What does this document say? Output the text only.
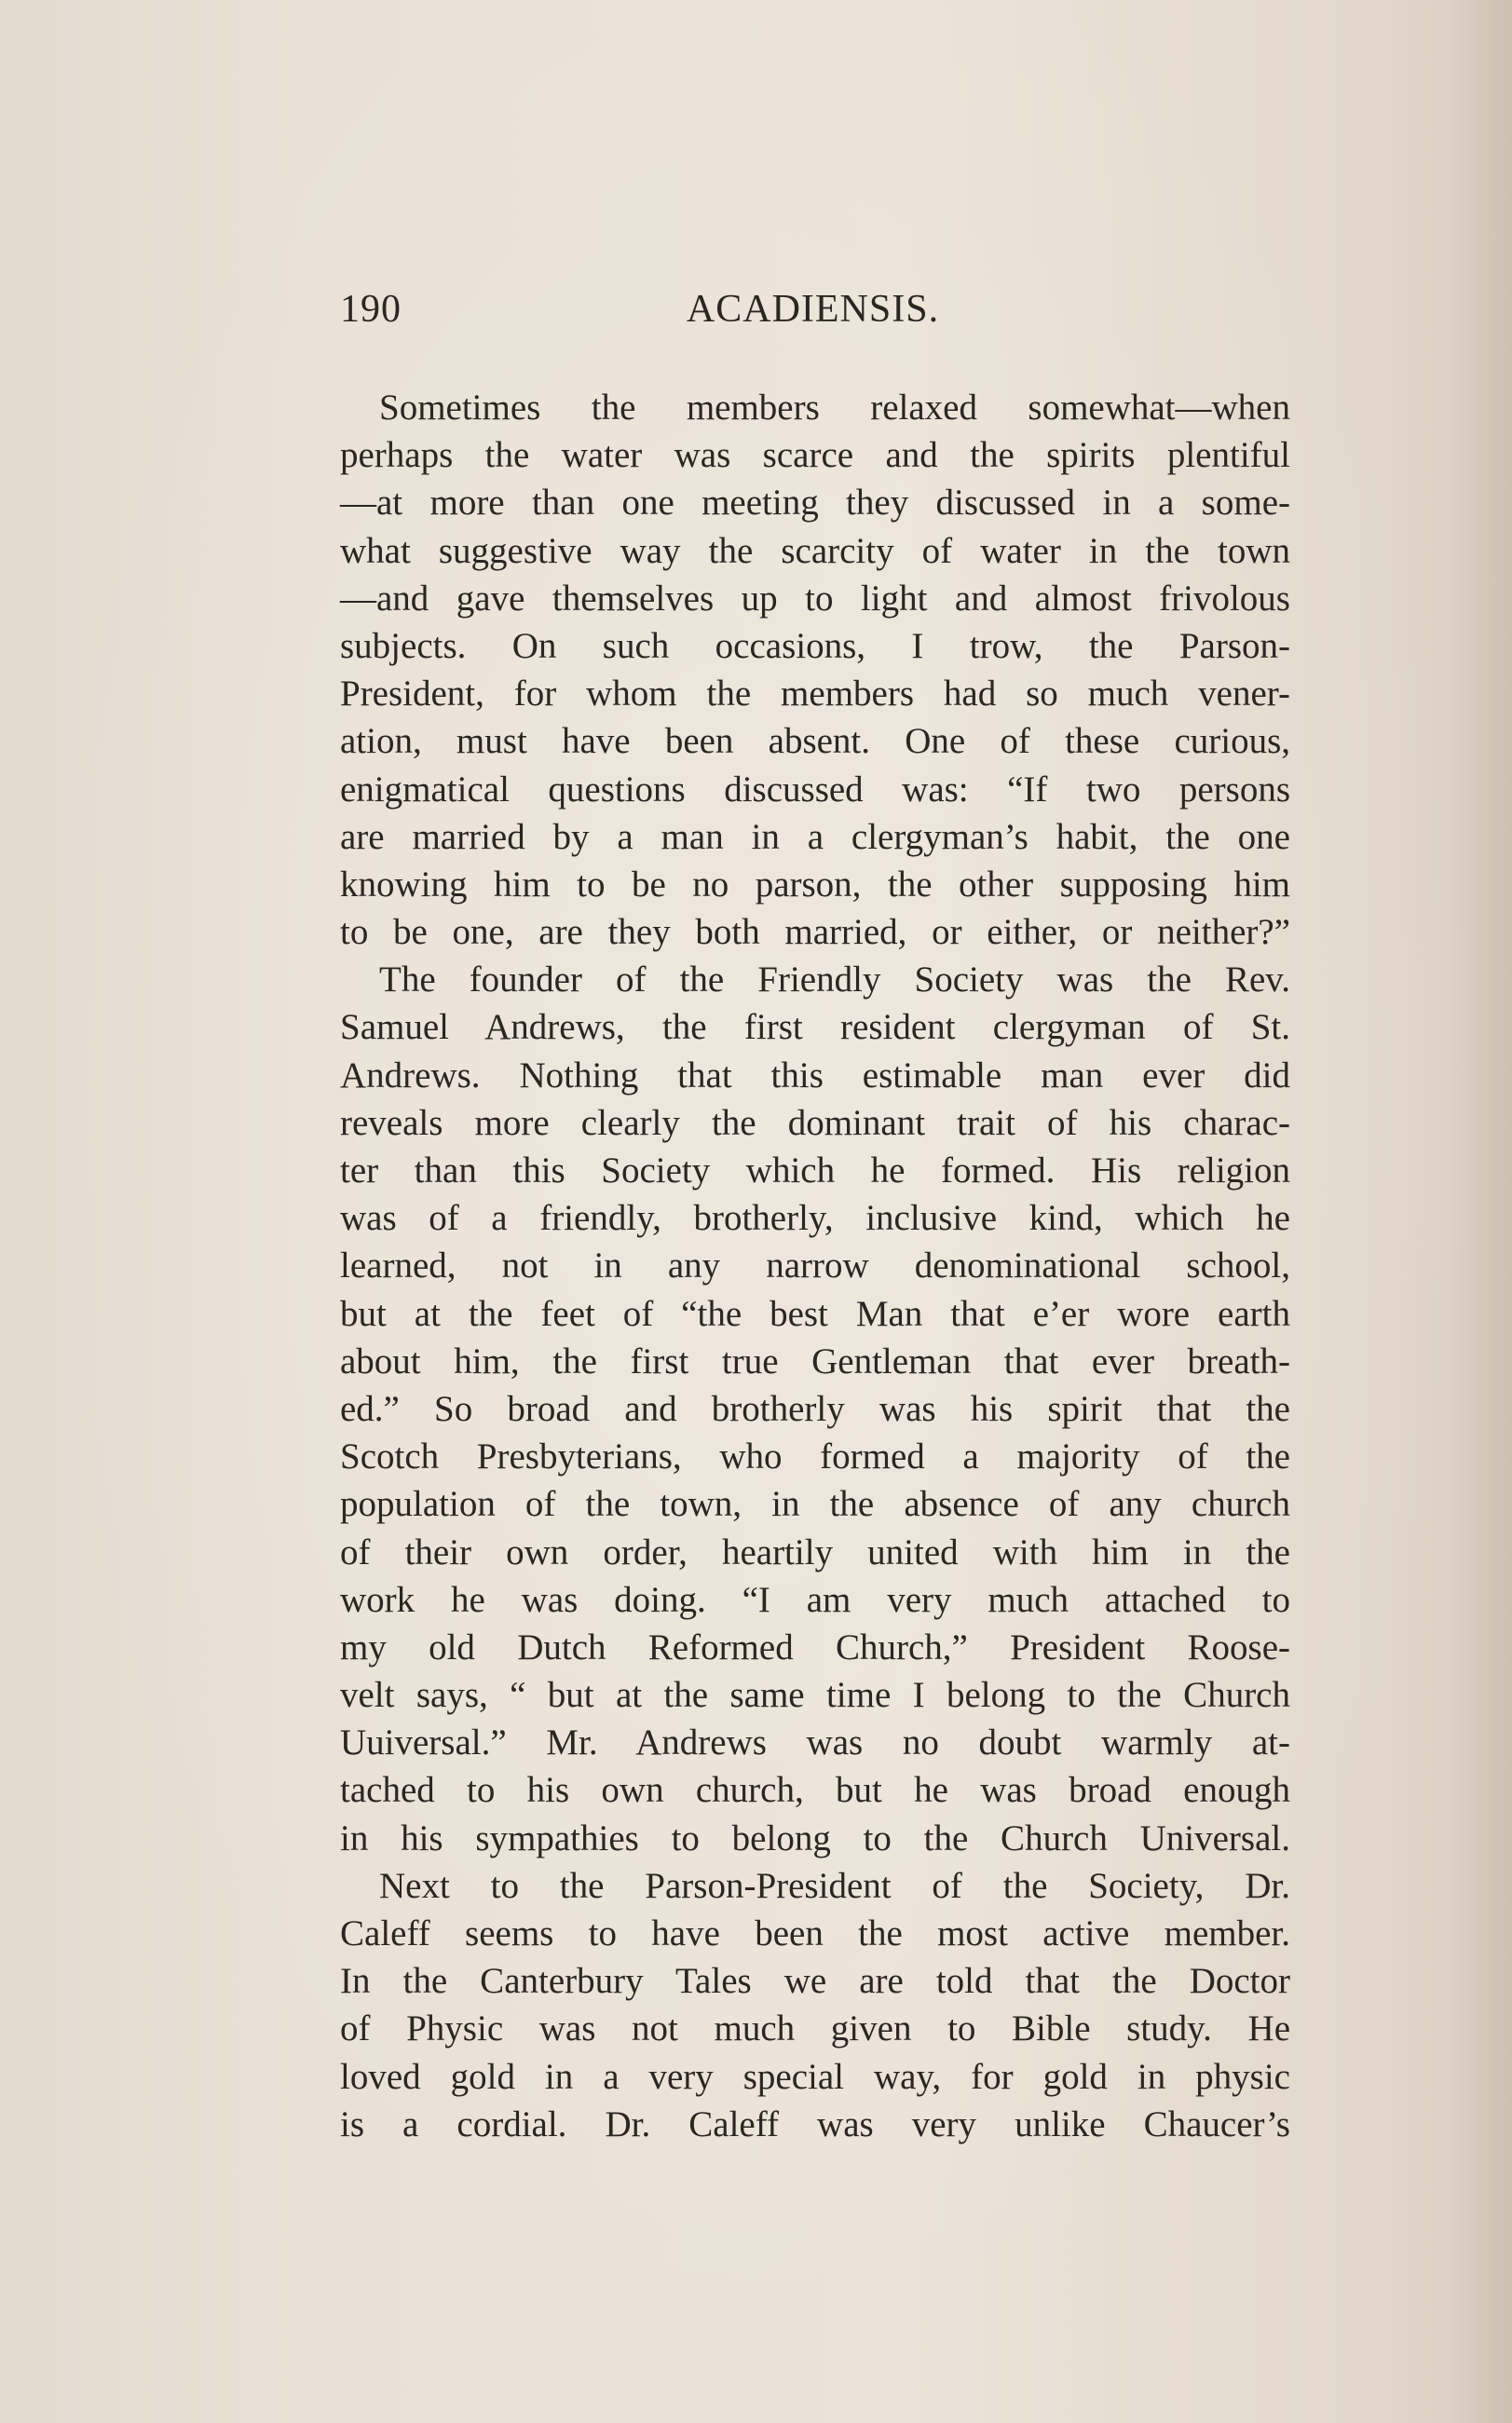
190	ACADIENSIS.
Sometimes the members relaxed somewhat—when
perhaps the water was scarce and the spirits plentiful
—at more than one meeting they discussed in a some-
what suggestive way the scarcity of water in the town
—and gave themselves up to light and almost frivolous
subjects. On such occasions, I trow, the Parson-
President, for whom the members had so much vener-
ation, must have been absent. One of these curious,
enigmatical questions discussed was: “If two persons
are married by a man in a clergyman’s habit, the one
knowing him to be no parson, the other supposing him
to be one, are they both married, or either, or neither?”
The founder of the Friendly Society was the Rev.
Samuel Andrews, the first resident clergyman of St.
Andrews. Nothing that this estimable man ever did
reveals more clearly the dominant trait of his charac-
ter than this Society which he formed. His religion
was of a friendly, brotherly, inclusive kind, which he
learned, not in any narrow denominational school,
but at the feet of “the best Man that e’er wore earth
about him, the first true Gentleman that ever breath-
ed.” So broad and brotherly was his spirit that the
Scotch Presbyterians, who formed a majority of the
population of the town, in the absence of any church
of their own order, heartily united with him in the
work he was doing. “I am very much attached to
my old Dutch Reformed Church,” President Roose-
velt says, “ but at the same time I belong to the Church
Uuiversal.” Mr. Andrews was no doubt warmly at-
tached to his own church, but he was broad enough
in his sympathies to belong to the Church Universal.
Next to the Parson-President of the Society, Dr.
Caleff seems to have been the most active member.
In the Canterbury Tales we are told that the Doctor
of Physic was not much given to Bible study. He
loved gold in a very special way, for gold in physic
is a cordial. Dr. Caleff was very unlike Chaucer’s
